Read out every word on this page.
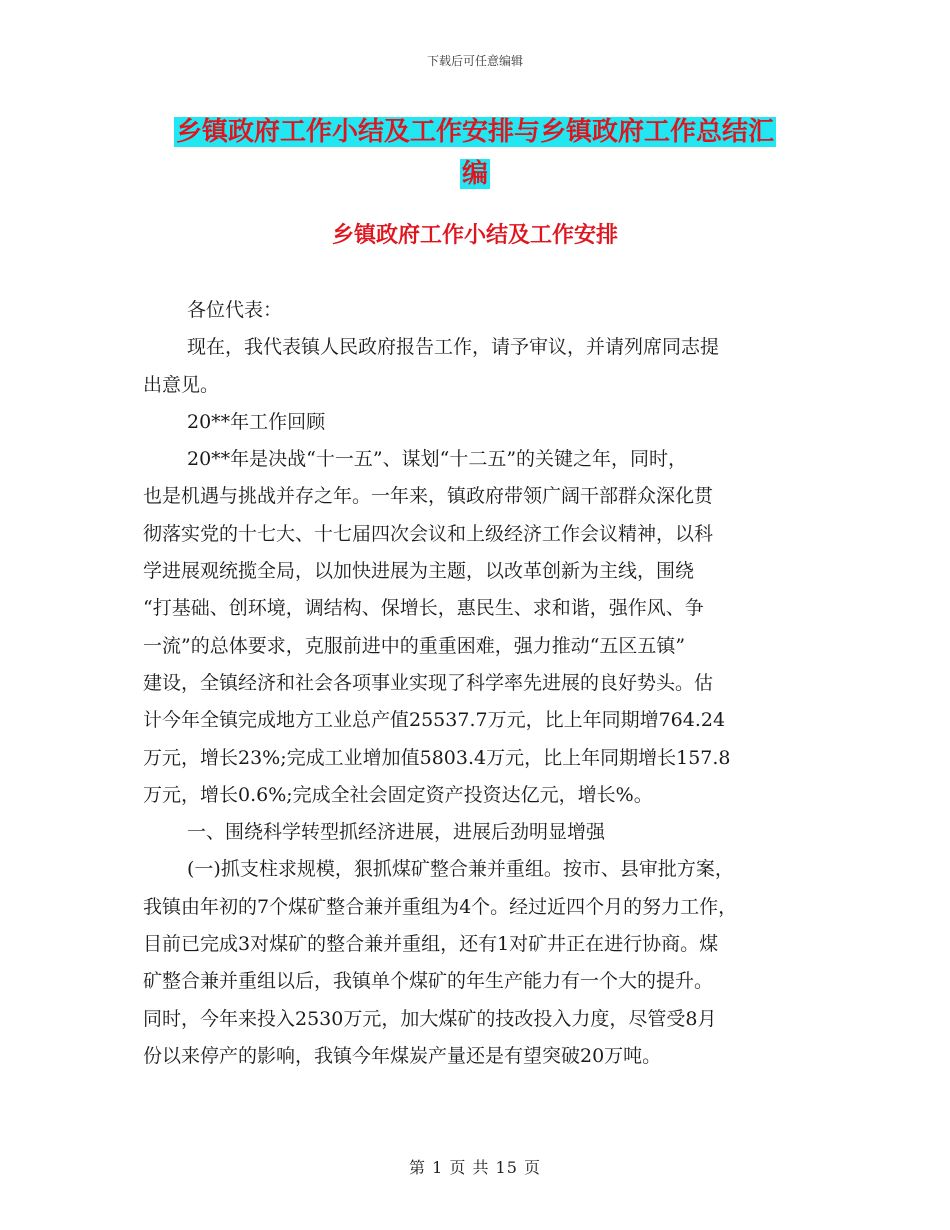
下载后可任意编辑
乡镇政府工作小结及工作安排与乡镇政府工作总结汇
编
乡镇政府工作小结及工作安排
各位代表：
现在，我代表镇人民政府报告工作，请予审议，并请列席同志提
出意见。
20**年工作回顾
20**年是决战“十一五”、谋划“十二五”的关键之年，同时，
也是机遇与挑战并存之年。一年来，镇政府带领广阔干部群众深化贯
彻落实党的十七大、十七届四次会议和上级经济工作会议精神，以科
学进展观统揽全局，以加快进展为主题，以改革创新为主线，围绕
“打基础、创环境，调结构、保增长，惠民生、求和谐，强作风、争
一流”的总体要求，克服前进中的重重困难，强力推动“五区五镇”
建设，全镇经济和社会各项事业实现了科学率先进展的良好势头。估
计今年全镇完成地方工业总产值25537.7万元，比上年同期增764.24
万元，增长23%;完成工业增加值5803.4万元，比上年同期增长157.8
万元，增长0.6%;完成全社会固定资产投资达亿元，增长%。
一、围绕科学转型抓经济进展，进展后劲明显增强
(一)抓支柱求规模，狠抓煤矿整合兼并重组。按市、县审批方案，
我镇由年初的7个煤矿整合兼并重组为4个。经过近四个月的努力工作，
目前已完成3对煤矿的整合兼并重组，还有1对矿井正在进行协商。煤
矿整合兼并重组以后，我镇单个煤矿的年生产能力有一个大的提升。
同时，今年来投入2530万元，加大煤矿的技改投入力度，尽管受8月
份以来停产的影响，我镇今年煤炭产量还是有望突破20万吨。
第 1 页 共 15 页
